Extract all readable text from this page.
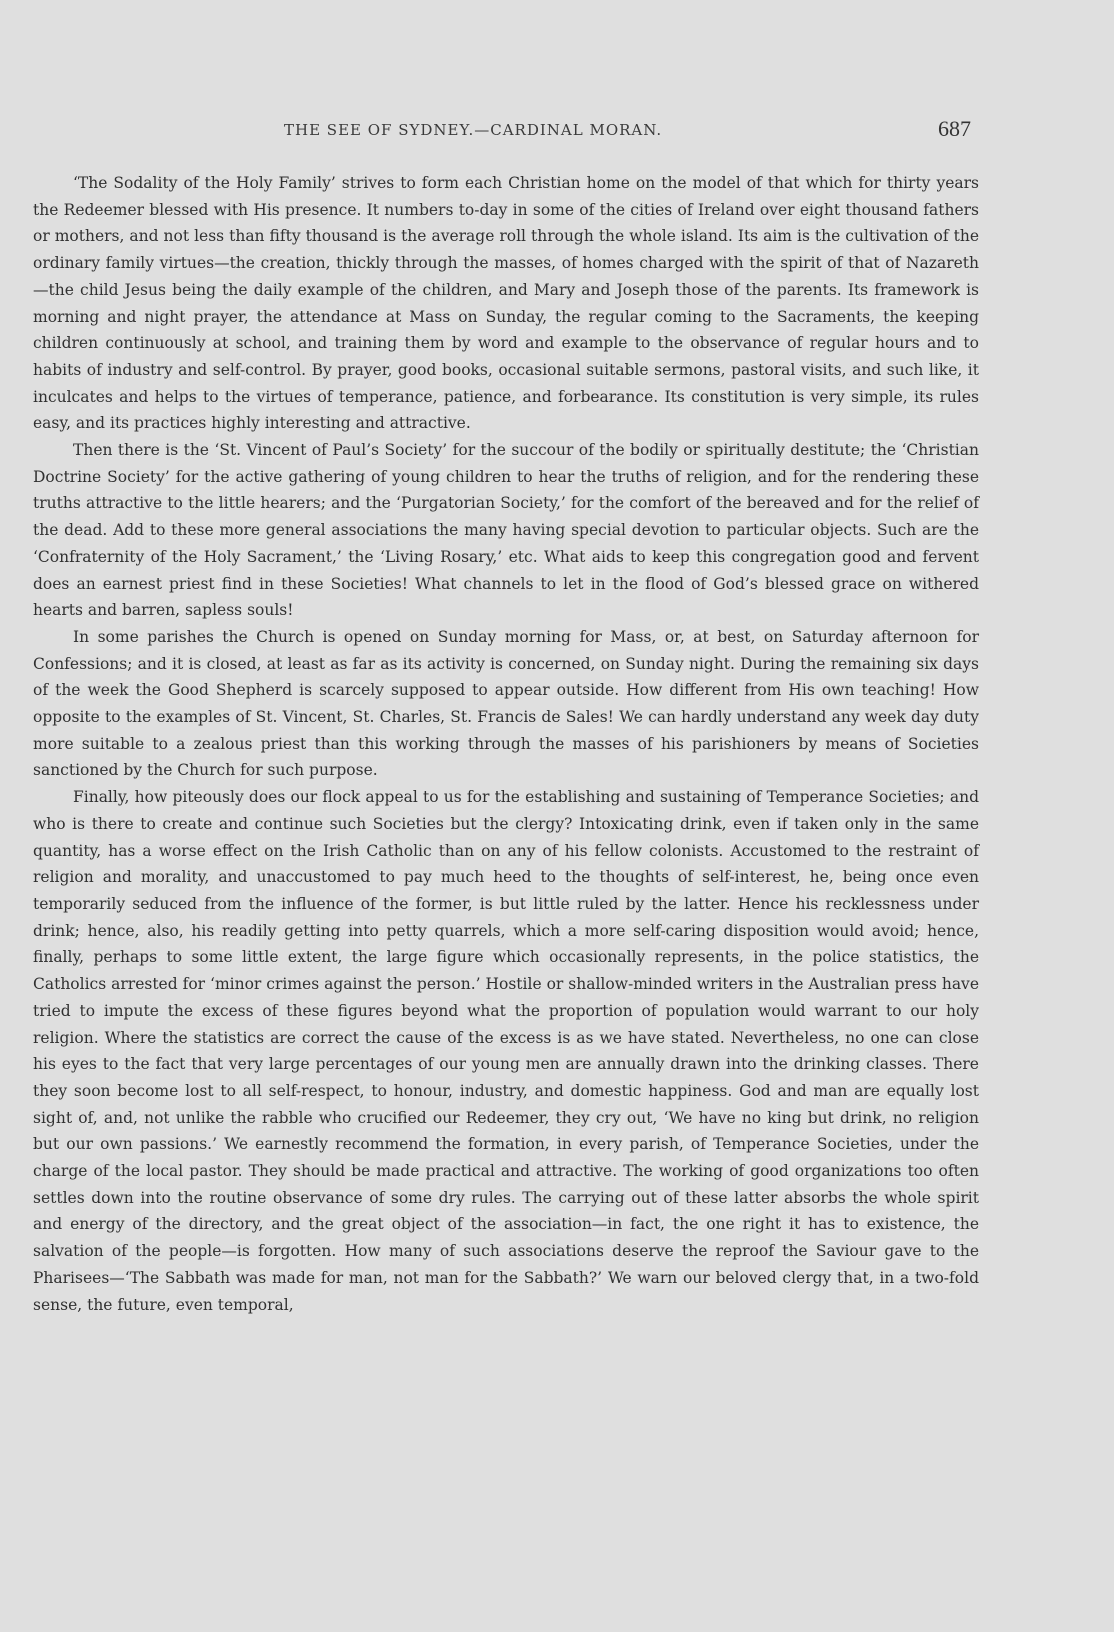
THE SEE OF SYDNEY.—CARDINAL MORAN.	687

‘The Sodality of the Holy Family’ strives to form each Christian home on the model of that which for thirty years the Redeemer blessed with His presence. It numbers to-day in some of the cities of Ireland over eight thousand fathers or mothers, and not less than fifty thousand is the average roll through the whole island. Its aim is the cultivation of the ordinary family virtues—the creation, thickly through the masses, of homes charged with the spirit of that of Nazareth—the child Jesus being the daily example of the children, and Mary and Joseph those of the parents. Its framework is morning and night prayer, the attendance at Mass on Sunday, the regular coming to the Sacraments, the keeping children continuously at school, and training them by word and example to the observance of regular hours and to habits of industry and self-control. By prayer, good books, occasional suitable sermons, pastoral visits, and such like, it inculcates and helps to the virtues of temperance, patience, and forbearance. Its constitution is very simple, its rules easy, and its practices highly interesting and attractive.

Then there is the ‘St. Vincent of Paul’s Society’ for the succour of the bodily or spiritually destitute; the ‘Christian Doctrine Society’ for the active gathering of young children to hear the truths of religion, and for the rendering these truths attractive to the little hearers; and the ‘Purgatorian Society,’ for the comfort of the bereaved and for the relief of the dead. Add to these more general associations the many having special devotion to particular objects. Such are the ‘Confraternity of the Holy Sacrament,’ the ‘Living Rosary,’ etc. What aids to keep this congregation good and fervent does an earnest priest find in these Societies! What channels to let in the flood of God’s blessed grace on withered hearts and barren, sapless souls!

In some parishes the Church is opened on Sunday morning for Mass, or, at best, on Saturday afternoon for Confessions; and it is closed, at least as far as its activity is concerned, on Sunday night. During the remaining six days of the week the Good Shepherd is scarcely supposed to appear outside. How different from His own teaching! How opposite to the examples of St. Vincent, St. Charles, St. Francis de Sales! We can hardly understand any week day duty more suitable to a zealous priest than this working through the masses of his parishioners by means of Societies sanctioned by the Church for such purpose.

Finally, how piteously does our flock appeal to us for the establishing and sustaining of Temperance Societies; and who is there to create and continue such Societies but the clergy? Intoxicating drink, even if taken only in the same quantity, has a worse effect on the Irish Catholic than on any of his fellow colonists. Accustomed to the restraint of religion and morality, and unaccustomed to pay much heed to the thoughts of self-interest, he, being once even temporarily seduced from the influence of the former, is but little ruled by the latter. Hence his recklessness under drink; hence, also, his readily getting into petty quarrels, which a more self-caring disposition would avoid; hence, finally, perhaps to some little extent, the large figure which occasionally represents, in the police statistics, the Catholics arrested for ‘minor crimes against the person.’ Hostile or shallow-minded writers in the Australian press have tried to impute the excess of these figures beyond what the proportion of population would warrant to our holy religion. Where the statistics are correct the cause of the excess is as we have stated. Nevertheless, no one can close his eyes to the fact that very large percentages of our young men are annually drawn into the drinking classes. There they soon become lost to all self-respect, to honour, industry, and domestic happiness. God and man are equally lost sight of, and, not unlike the rabble who crucified our Redeemer, they cry out, ‘We have no king but drink, no religion but our own passions.’ We earnestly recommend the formation, in every parish, of Temperance Societies, under the charge of the local pastor. They should be made practical and attractive. The working of good organizations too often settles down into the routine observance of some dry rules. The carrying out of these latter absorbs the whole spirit and energy of the directory, and the great object of the association—in fact, the one right it has to existence, the salvation of the people—is forgotten. How many of such associations deserve the reproof the Saviour gave to the Pharisees—‘The Sabbath was made for man, not man for the Sabbath?’ We warn our beloved clergy that, in a two-fold sense, the future, even temporal,
